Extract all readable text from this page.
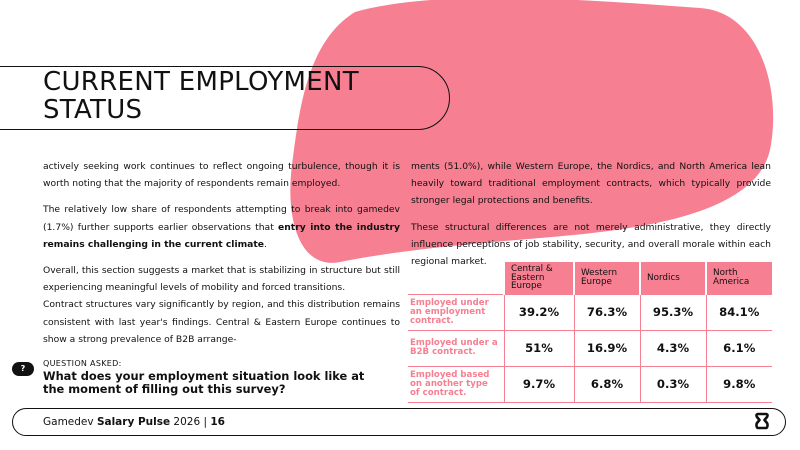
CURRENT EMPLOYMENT
STATUS

actively seeking work continues to reflect ongoing turbulence, though it is worth noting that the majority of respondents remain employed.

The relatively low share of respondents attempting to break into gamedev (1.7%) further supports earlier observations that entry into the industry remains challenging in the current climate.

Overall, this section suggests a market that is stabilizing in structure but still experiencing meaningful levels of mobility and forced transitions.

Contract structures vary significantly by region, and this distribution remains consistent with last year's findings. Central & Eastern Europe continues to show a strong prevalence of B2B arrange-

ments (51.0%), while Western Europe, the Nordics, and North America lean heavily toward traditional employment contracts, which typically provide stronger legal protections and benefits.

These structural differences are not merely administrative, they directly influence perceptions of job stability, security, and overall morale within each regional market.

?
QUESTION ASKED:
What does your employment situation look like at the moment of filling out this survey?
	Central & Eastern Europe	Western Europe	Nordics	North America
Employed under an employment contract.	39.2%	76.3%	95.3%	84.1%
Employed under a B2B contract.	51%	16.9%	4.3%	6.1%
Employed based on another type of contract.	9.7%	6.8%	0.3%	9.8%
Gamedev Salary Pulse 2026 | 16
